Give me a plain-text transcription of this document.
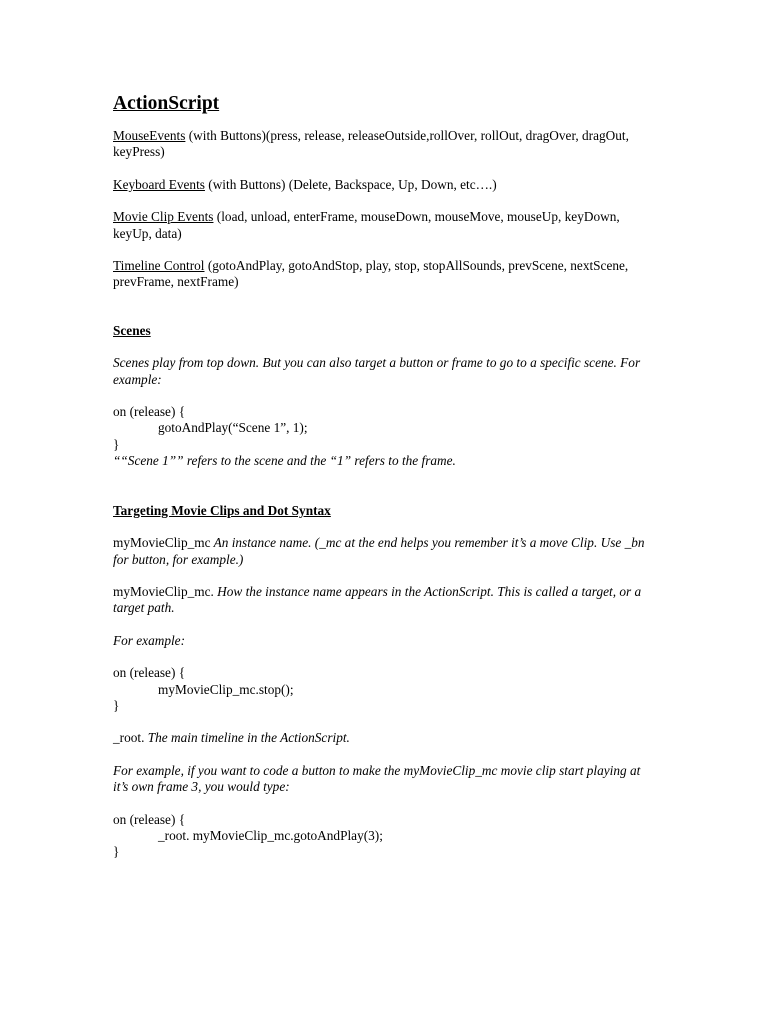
ActionScript

MouseEvents (with Buttons)(press, release, releaseOutside,rollOver, rollOut, dragOver, dragOut, keyPress)

Keyboard Events (with Buttons) (Delete, Backspace, Up, Down, etc….)

Movie Clip Events (load, unload, enterFrame, mouseDown, mouseMove, mouseUp, keyDown, keyUp, data)

Timeline Control (gotoAndPlay, gotoAndStop, play, stop, stopAllSounds, prevScene, nextScene, prevFrame, nextFrame)

Scenes

Scenes play from top down. But you can also target a button or frame to go to a specific scene. For example:

on (release) {

gotoAndPlay(“Scene 1”, 1);

}

““Scene 1”” refers to the scene and the “1” refers to the frame.

Targeting Movie Clips and Dot Syntax

myMovieClip_mc An instance name. (_mc at the end helps you remember it’s a move Clip. Use _bn for button, for example.)

myMovieClip_mc. How the instance name appears in the ActionScript. This is called a target, or a target path.

For example:

on (release) {

myMovieClip_mc.stop();

}

_root. The main timeline in the ActionScript.

For example, if you want to code a button to make the myMovieClip_mc movie clip start playing at it’s own frame 3, you would type:

on (release) {

_root. myMovieClip_mc.gotoAndPlay(3);

}
